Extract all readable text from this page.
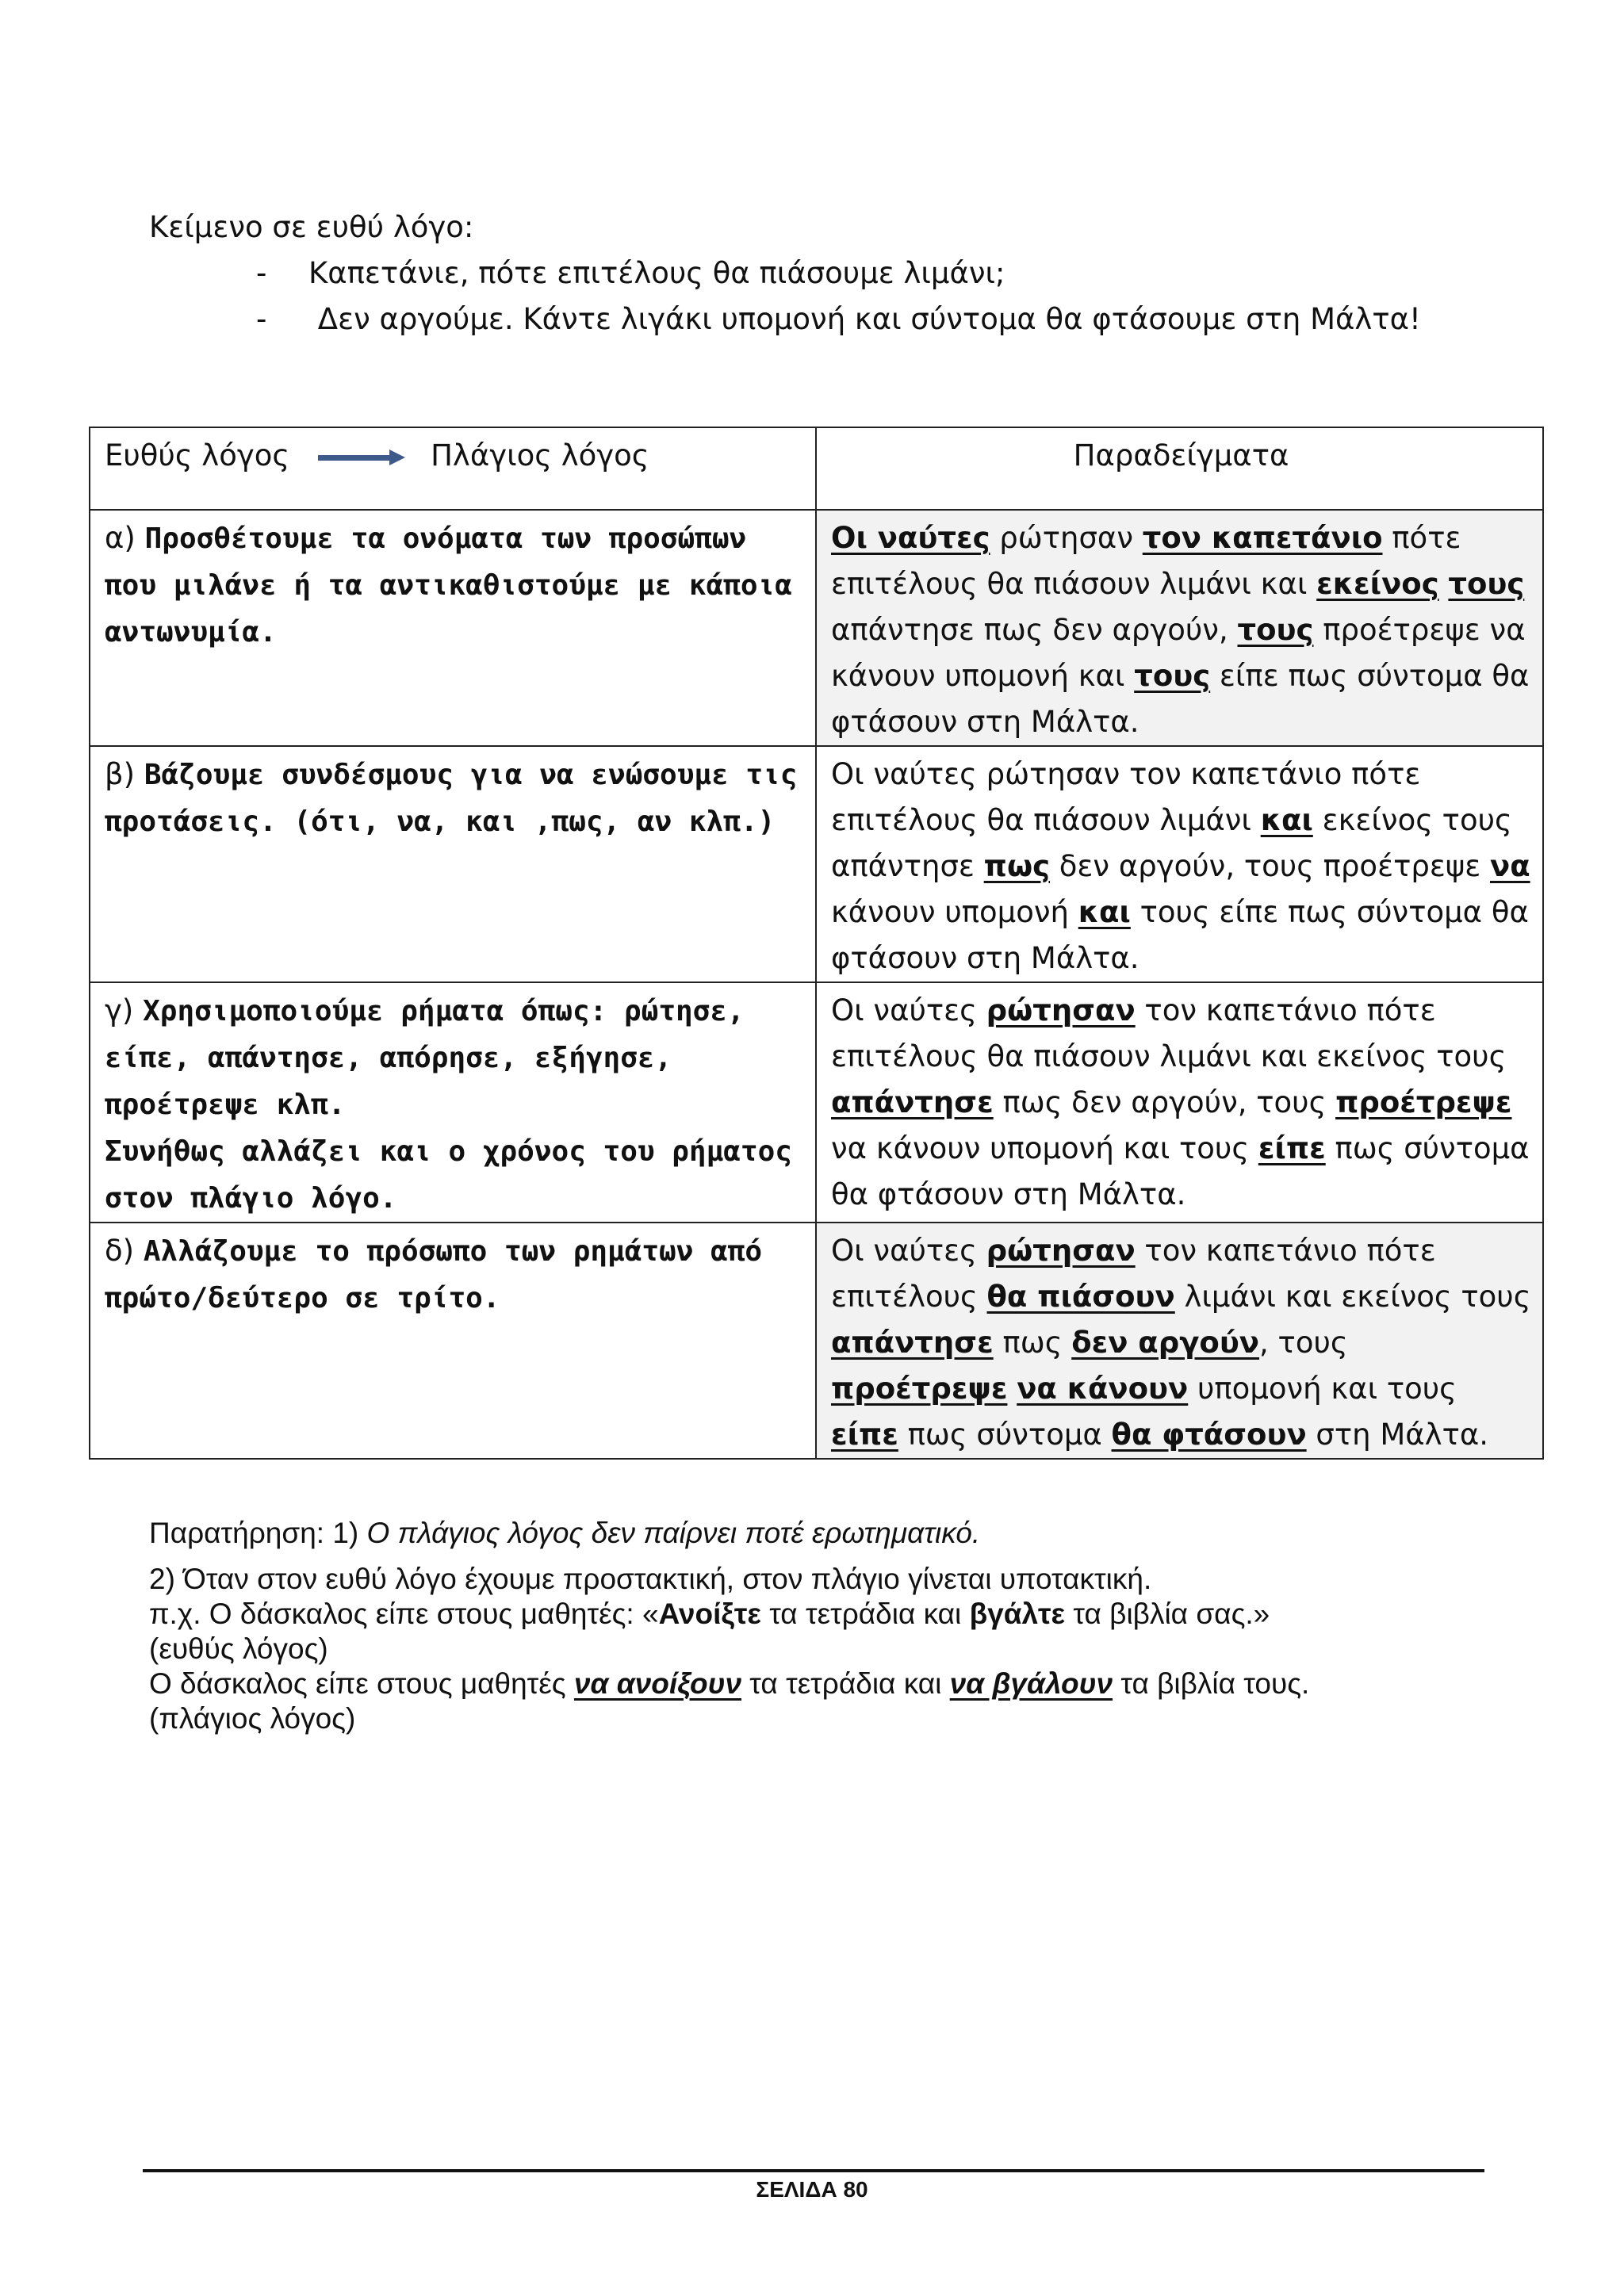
Κείμενο σε ευθύ λόγο:
- Καπετάνιε, πότε επιτέλους θα πιάσουμε λιμάνι;
- Δεν αργούμε. Κάντε λιγάκι υπομονή και σύντομα θα φτάσουμε στη Μάλτα!
Ευθύς λόγος Πλάγιος λόγος	Παραδείγματα
α) Προσθέτουμε τα ονόματα των προσώπων που μιλάνε ή τα αντικαθιστούμε με κάποια αντωνυμία.	Οι ναύτες ρώτησαν τον καπετάνιο πότε επιτέλους θα πιάσουν λιμάνι και εκείνος τους απάντησε πως δεν αργούν, τους προέτρεψε να κάνουν υπομονή και τους είπε πως σύντομα θα φτάσουν στη Μάλτα.
β) Βάζουμε συνδέσμους για να ενώσουμε τις προτάσεις. (ότι, να, και ,πως, αν κλπ.)	Οι ναύτες ρώτησαν τον καπετάνιο πότε επιτέλους θα πιάσουν λιμάνι και εκείνος τους απάντησε πως δεν αργούν, τους προέτρεψε να κάνουν υπομονή και τους είπε πως σύντομα θα φτάσουν στη Μάλτα.
γ) Χρησιμοποιούμε ρήματα όπως: ρώτησε, είπε, απάντησε, απόρησε, εξήγησε, προέτρεψε κλπ.
Συνήθως αλλάζει και ο χρόνος του ρήματος στον πλάγιο λόγο.	Οι ναύτες ρώτησαν τον καπετάνιο πότε επιτέλους θα πιάσουν λιμάνι και εκείνος τους απάντησε πως δεν αργούν, τους προέτρεψε να κάνουν υπομονή και τους είπε πως σύντομα θα φτάσουν στη Μάλτα.
δ) Αλλάζουμε το πρόσωπο των ρημάτων από πρώτο/δεύτερο σε τρίτο.	Οι ναύτες ρώτησαν τον καπετάνιο πότε επιτέλους θα πιάσουν λιμάνι και εκείνος τους απάντησε πως δεν αργούν, τους προέτρεψε να κάνουν υπομονή και τους είπε πως σύντομα θα φτάσουν στη Μάλτα.

Παρατήρηση: 1) Ο πλάγιος λόγος δεν παίρνει ποτέ ερωτηματικό.

2) Όταν στον ευθύ λόγο έχουμε προστακτική, στον πλάγιο γίνεται υποτακτική.

π.χ. Ο δάσκαλος είπε στους μαθητές: «Ανοίξτε τα τετράδια και βγάλτε τα βιβλία σας.»

(ευθύς λόγος)

Ο δάσκαλος είπε στους μαθητές να ανοίξουν τα τετράδια και να βγάλουν τα βιβλία τους.

(πλάγιος λόγος)

ΣΕΛΙΔΑ 80
